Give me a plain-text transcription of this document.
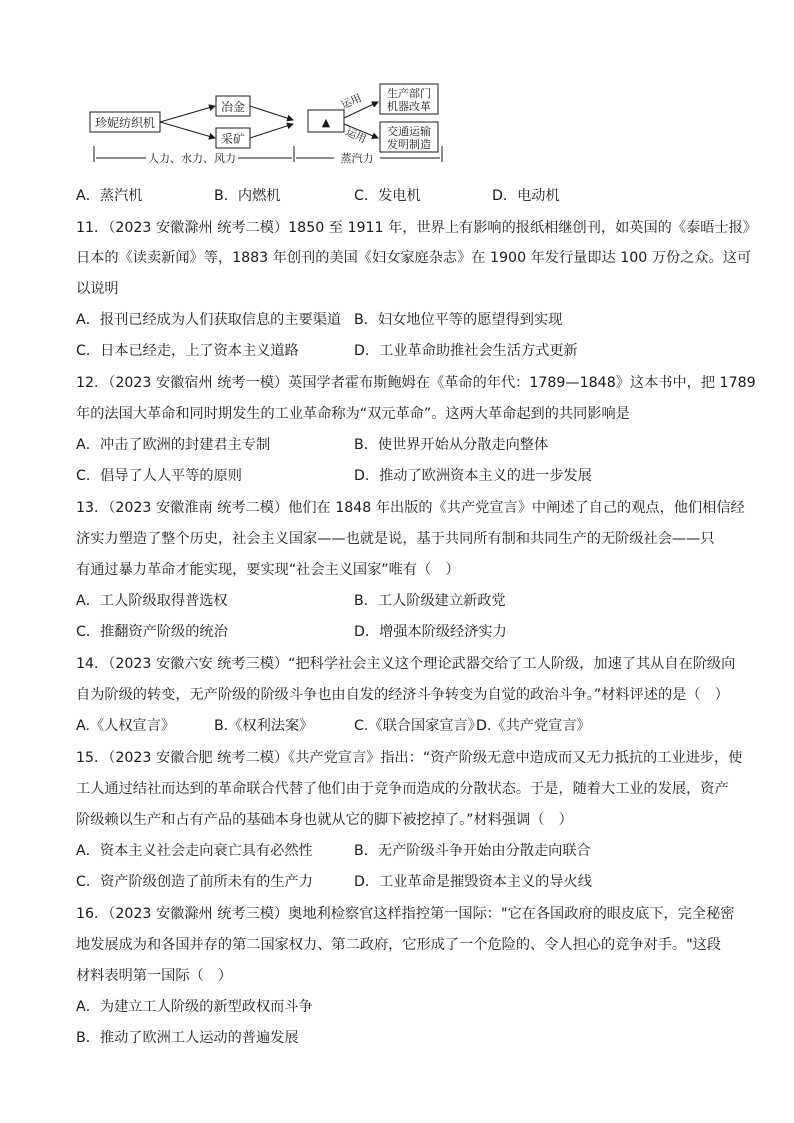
珍妮纺织机
冶金
采矿
▲
运用
运用
生产部门
机器改革
交通运输
发明制造
人力、水力、风力	蒸汽力
A．蒸汽机	B．内燃机	C．发电机	D．电动机
11．（2023 安徽滁州 统考二模）1850 至 1911 年，世界上有影响的报纸相继创刊，如英国的《泰晤士报》
日本的《读卖新闻》等，1883 年创刊的美国《妇女家庭杂志》在 1900 年发行量即达 100 万份之众。这可
以说明
A．报刊已经成为人们获取信息的主要渠道 B．妇女地位平等的愿望得到实现
C．日本已经走，上了资本主义道路	D．工业革命助推社会生活方式更新
12．（2023 安徽宿州 统考一模）英国学者霍布斯鲍姆在《革命的年代：1789—1848》这本书中，把 1789
年的法国大革命和同时期发生的工业革命称为“双元革命”。这两大革命起到的共同影响是
A．冲击了欧洲的封建君主专制	B．使世界开始从分散走向整体
C．倡导了人人平等的原则	D．推动了欧洲资本主义的进一步发展
13．（2023 安徽淮南 统考二模）他们在 1848 年出版的《共产党宣言》中阐述了自己的观点，他们相信经
济实力塑造了整个历史，社会主义国家——也就是说，基于共同所有制和共同生产的无阶级社会——只
有通过暴力革命才能实现，要实现“社会主义国家”唯有（　）
A．工人阶级取得普选权	B．工人阶级建立新政党
C．推翻资产阶级的统治	D．增强本阶级经济实力
14．（2023 安徽六安 统考三模）“把科学社会主义这个理论武器交给了工人阶级，加速了其从自在阶级向
自为阶级的转变，无产阶级的阶级斗争也由自发的经济斗争转变为自觉的政治斗争。”材料评述的是（　）
A.《人权宣言》	B.《权利法案》	C.《联合国家宣言》
D.《共产党宣言》
15．（2023 安徽合肥 统考二模）《共产党宣言》指出：“资产阶级无意中造成而又无力抵抗的工业进步，使
工人通过结社而达到的革命联合代替了他们由于竞争而造成的分散状态。于是，随着大工业的发展，资产
阶级赖以生产和占有产品的基础本身也就从它的脚下被挖掉了。”材料强调（　）
A．资本主义社会走向衰亡具有必然性	B．无产阶级斗争开始由分散走向联合
C．资产阶级创造了前所未有的生产力	D．工业革命是摧毁资本主义的导火线
16．（2023 安徽滁州 统考三模）奥地利检察官这样指控第一国际："它在各国政府的眼皮底下，完全秘密
地发展成为和各国并存的第二国家权力、第二政府，它形成了一个危险的、令人担心的竞争对手。"这段
材料表明第一国际（　）
A．为建立工人阶级的新型政权而斗争
B．推动了欧洲工人运动的普遍发展
